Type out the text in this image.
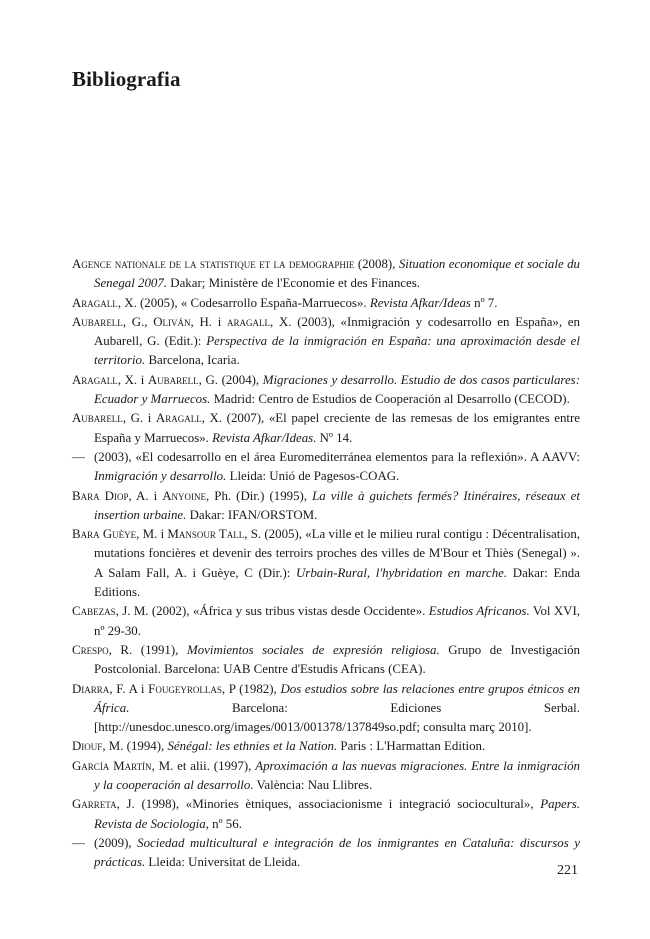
Bibliografia

Agence nationale de la statistique et la demographie (2008), Situation economique et sociale du Senegal 2007. Dakar; Ministère de l'Economie et des Finances.

Aragall, X. (2005), « Codesarrollo España-Marruecos». Revista Afkar/Ideas nº 7.

Aubarell, G., Oliván, H. i aragall, X. (2003), «Inmigración y codesarrollo en España», en Aubarell, G. (Edit.): Perspectiva de la inmigración en España: una aproximación desde el territorio. Barcelona, Icaria.

Aragall, X. i Aubarell, G. (2004), Migraciones y desarrollo. Estudio de dos casos particulares: Ecuador y Marruecos. Madrid: Centro de Estudios de Cooperación al Desarrollo (CECOD).

Aubarell, G. i Aragall, X. (2007), «El papel creciente de las remesas de los emigrantes entre España y Marruecos». Revista Afkar/Ideas. Nº 14.

— (2003), «El codesarrollo en el área Euromediterránea elementos para la reflexión». A AAVV: Inmigración y desarrollo. Lleida: Unió de Pagesos-COAG.

Bara Diop, A. i Anyoine, Ph. (Dir.) (1995), La ville à guichets fermés? Itinéraires, réseaux et insertion urbaine. Dakar: IFAN/ORSTOM.

Bara Guèye, M. i Mansour Tall, S. (2005), «La ville et le milieu rural contigu : Décentralisation, mutations foncières et devenir des terroirs proches des villes de M'Bour et Thiès (Senegal) ». A Salam Fall, A. i Guèye, C (Dir.): Urbain-Rural, l'hybridation en marche. Dakar: Enda Editions.

Cabezas, J. M. (2002), «África y sus tribus vistas desde Occidente». Estudios Africanos. Vol XVI, nº 29-30.

Crespo, R. (1991), Movimientos sociales de expresión religiosa. Grupo de Investigación Postcolonial. Barcelona: UAB Centre d'Estudis Africans (CEA).

Diarra, F. A i Fougeyrollas, P (1982), Dos estudios sobre las relaciones entre grupos étnicos en África. Barcelona: Ediciones Serbal. [http://unesdoc.unesco.org/images/0013/001378/137849so.pdf; consulta març 2010].

Diouf, M. (1994), Sénégal: les ethnies et la Nation. Paris : L'Harmattan Edition.

García Martín, M. et alii. (1997), Aproximación a las nuevas migraciones. Entre la inmigración y la cooperación al desarrollo. València: Nau Llibres.

Garreta, J. (1998), «Minories ètniques, associacionisme i integració sociocultural», Papers. Revista de Sociologia, nº 56.

— (2009), Sociedad multicultural e integración de los inmigrantes en Cataluña: discursos y prácticas. Lleida: Universitat de Lleida.

221
